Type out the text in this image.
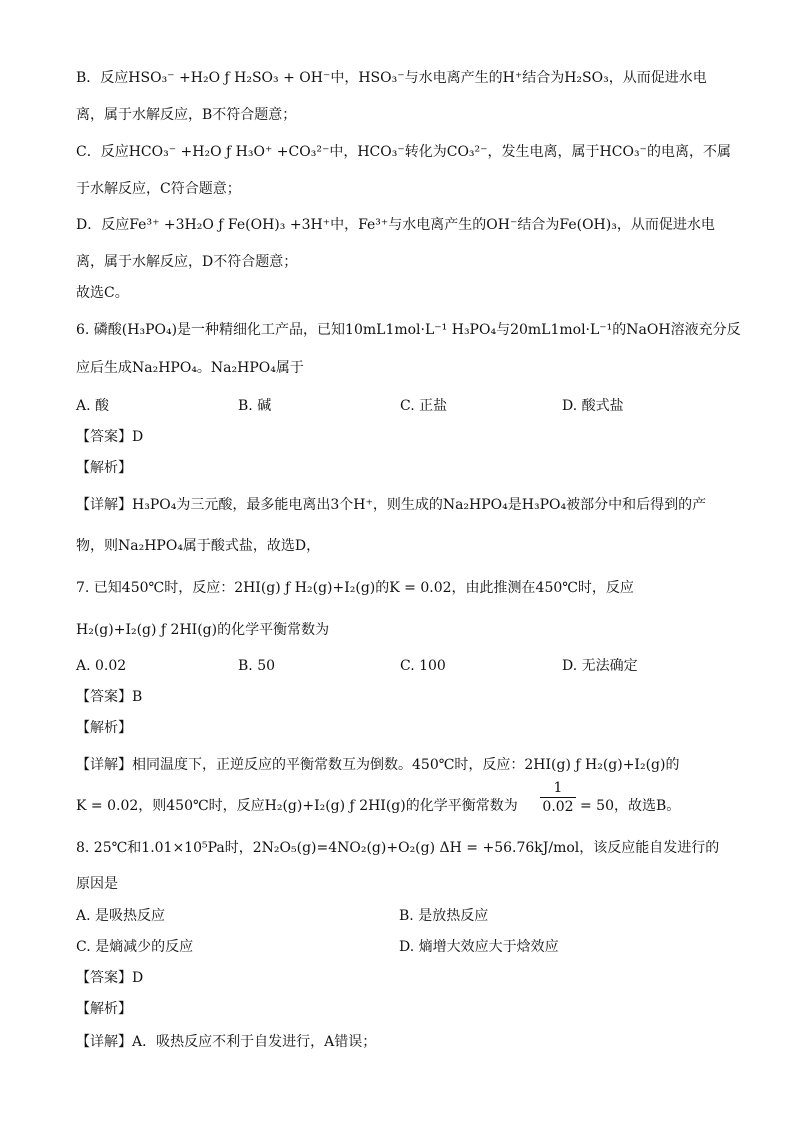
B．反应HSO₃⁻ +H₂O ƒ H₂SO₃ + OH⁻中，HSO₃⁻与水电离产生的H⁺结合为H₂SO₃，从而促进水电
离，属于水解反应，B不符合题意；
C．反应HCO₃⁻ +H₂O ƒ H₃O⁺ +CO₃²⁻中，HCO₃⁻转化为CO₃²⁻，发生电离，属于HCO₃⁻的电离，不属
于水解反应，C符合题意；
D．反应Fe³⁺ +3H₂O ƒ Fe(OH)₃ +3H⁺中，Fe³⁺与水电离产生的OH⁻结合为Fe(OH)₃，从而促进水电
离，属于水解反应，D不符合题意；
故选C。
6. 磷酸(H₃PO₄)是一种精细化工产品，已知10mL1mol·L⁻¹ H₃PO₄与20mL1mol·L⁻¹的NaOH溶液充分反
应后生成Na₂HPO₄。Na₂HPO₄属于
A. 酸	B. 碱	C. 正盐	D. 酸式盐
【答案】D
【解析】
【详解】H₃PO₄为三元酸，最多能电离出3个H⁺，则生成的Na₂HPO₄是H₃PO₄被部分中和后得到的产
物，则Na₂HPO₄属于酸式盐，故选D，
7. 已知450℃时，反应：2HI(g) ƒ H₂(g)+I₂(g)的K = 0.02，由此推测在450℃时，反应
H₂(g)+I₂(g) ƒ 2HI(g)的化学平衡常数为
A. 0.02	B. 50	C. 100	D. 无法确定
【答案】B
【解析】
【详解】相同温度下，正逆反应的平衡常数互为倒数。450℃时，反应：2HI(g) ƒ H₂(g)+I₂(g)的
K = 0.02，则450℃时，反应H₂(g)+I₂(g) ƒ 2HI(g)的化学平衡常数为
1
0.02 = 50，故选B。
8. 25℃和1.01×10⁵Pa时，2N₂O₅(g)=4NO₂(g)+O₂(g) ΔH = +56.76kJ/mol，该反应能自发进行的
原因是
A. 是吸热反应	B. 是放热反应
C. 是熵减少的反应	D. 熵增大效应大于焓效应
【答案】D
【解析】
【详解】A．吸热反应不利于自发进行，A错误；
